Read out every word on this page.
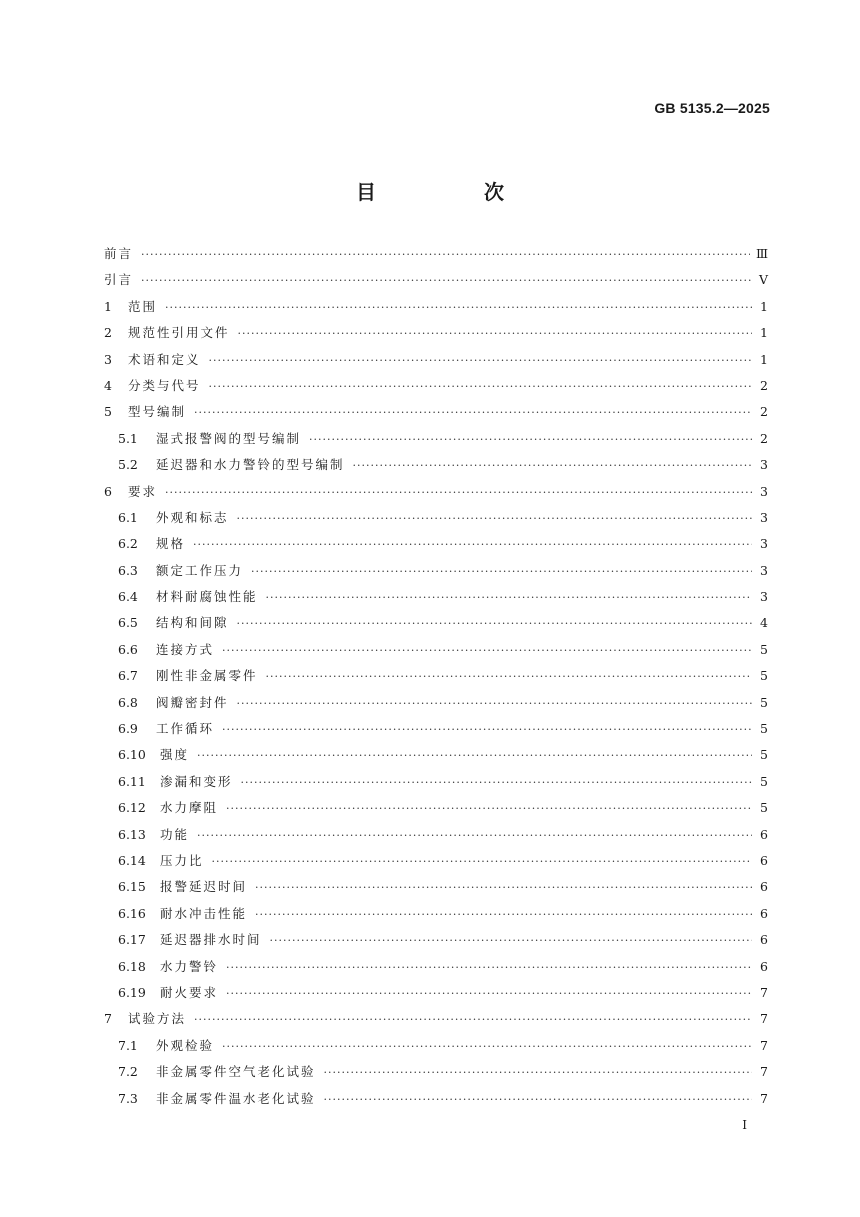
GB 5135.2—2025
目　次
前言 ·····	Ⅲ
引言 ·····	Ⅴ
1	范围 ·····	1
2	规范性引用文件 ·····	1
3	术语和定义 ·····	1
4	分类与代号 ·····	2
5	型号编制 ·····	2
5.1	湿式报警阀的型号编制 ·····	2
5.2	延迟器和水力警铃的型号编制 ·····	3
6	要求 ·····	3
6.1	外观和标志 ·····	3
6.2	规格 ·····	3
6.3	额定工作压力 ·····	3
6.4	材料耐腐蚀性能 ·····	3
6.5	结构和间隙 ·····	4
6.6	连接方式 ·····	5
6.7	刚性非金属零件 ·····	5
6.8	阀瓣密封件 ·····	5
6.9	工作循环 ·····	5
6.10	强度 ·····	5
6.11	渗漏和变形 ·····	5
6.12	水力摩阻 ·····	5
6.13	功能 ·····	6
6.14	压力比 ·····	6
6.15	报警延迟时间 ·····	6
6.16	耐水冲击性能 ·····	6
6.17	延迟器排水时间 ·····	6
6.18	水力警铃 ·····	6
6.19	耐火要求 ·····	7
7	试验方法 ·····	7
7.1	外观检验 ·····	7
7.2	非金属零件空气老化试验 ·····	7
7.3	非金属零件温水老化试验 ·····	7
I
